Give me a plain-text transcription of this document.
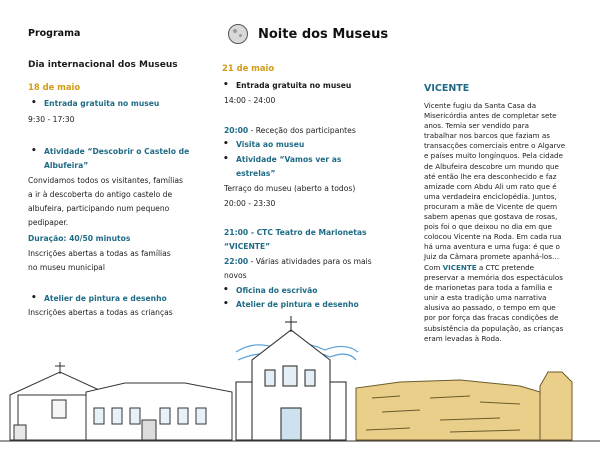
Programa	Noite dos Museus
Dia internacional dos Museus
18 de maio
• Entrada gratuita no museu
9:30 - 17:30
• Atividade “Descobrir o Castelo de
Albufeira”
Convidamos todos os visitantes, famílias
a ir à descoberta do antigo castelo de
albufeira, participando num pequeno
pedipaper.
Duração: 40/50 minutos
Inscrições abertas a todas as famílias
no museu municipal
• Atelier de pintura e desenho
Inscrições abertas a todas as crianças
21 de maio
• Entrada gratuita no museu
14:00 - 24:00
20:00 - Receção dos participantes
• Visita ao museu
• Atividade “Vamos ver as
estrelas”
Terraço do museu (aberto a todos)
20:00 - 23:30
21:00 - CTC Teatro de Marionetas
“VICENTE”
22:00 - Várias atividades para os mais
novos
• Oficina do escrivão
• Atelier de pintura e desenho
VICENTE
Vicente fugiu da Santa Casa da
Misericórdia antes de completar sete
anos. Temia ser vendido para
trabalhar nos barcos que faziam as
transacções comerciais entre o Algarve
e países muito longínquos. Pela cidade
de Albufeira descobre um mundo que
até então lhe era desconhecido e faz
amizade com Abdu Ali um rato que é
uma verdadeira enciclopédia. Juntos,
procuram a mãe de Vicente de quem
sabem apenas que gostava de rosas,
pois foi o que deixou no dia em que
colocou Vicente na Roda. Em cada rua
há uma aventura e uma fuga: é que o
Juiz da Câmara promete apanhá-los…
Com VICENTE a CTC pretende
preservar a memória dos espectáculos
de marionetas para toda a família e
unir a esta tradição uma narrativa
alusiva ao passado, o tempo em que
por por força das fracas condições de
subsistência da população, as crianças
eram levadas à Roda.
